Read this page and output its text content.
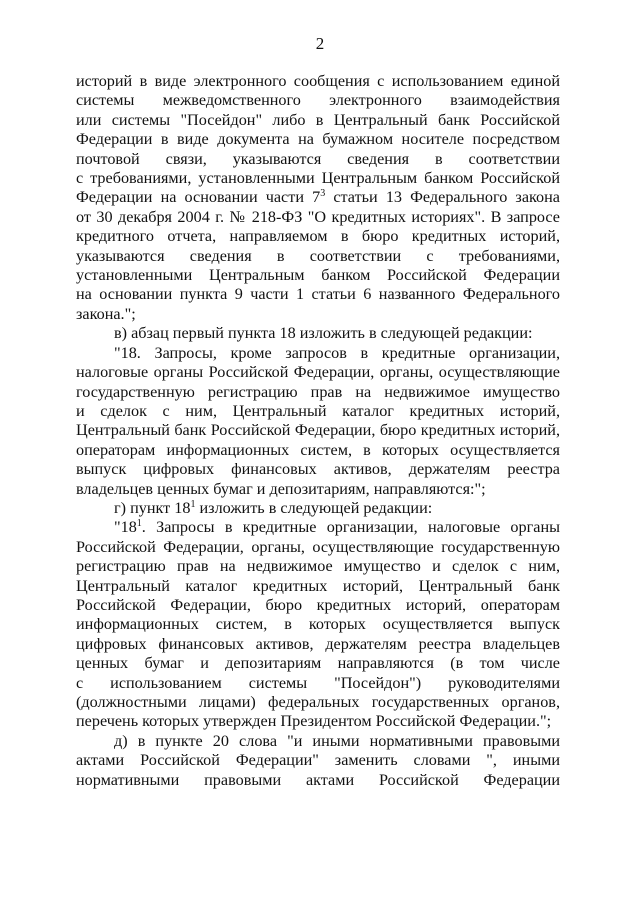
2

историй в виде электронного сообщения с использованием единой

системы межведомственного электронного взаимодействия

или системы "Посейдон" либо в Центральный банк Российской

Федерации в виде документа на бумажном носителе посредством

почтовой связи, указываются сведения в соответствии

с требованиями, установленными Центральным банком Российской

Федерации на основании части $7^3$ статьи 13 Федерального закона

от 30 декабря 2004 г. № 218-ФЗ "О кредитных историях". В запросе

кредитного отчета, направляемом в бюро кредитных историй,

указываются сведения в соответствии с требованиями,

установленными Центральным банком Российской Федерации

на основании пункта 9 части 1 статьи 6 названного Федерального

закона.";

в) абзац первый пункта 18 изложить в следующей редакции:

"18. Запросы, кроме запросов в кредитные организации,

налоговые органы Российской Федерации, органы, осуществляющие

государственную регистрацию прав на недвижимое имущество

и сделок с ним, Центральный каталог кредитных историй,

Центральный банк Российской Федерации, бюро кредитных историй,

операторам информационных систем, в которых осуществляется

выпуск цифровых финансовых активов, держателям реестра

владельцев ценных бумаг и депозитариям, направляются:";

г) пункт $18^1$ изложить в следующей редакции:

"$18^1$. Запросы в кредитные организации, налоговые органы

Российской Федерации, органы, осуществляющие государственную

регистрацию прав на недвижимое имущество и сделок с ним,

Центральный каталог кредитных историй, Центральный банк

Российской Федерации, бюро кредитных историй, операторам

информационных систем, в которых осуществляется выпуск

цифровых финансовых активов, держателям реестра владельцев

ценных бумаг и депозитариям направляются (в том числе

с использованием системы "Посейдон") руководителями

(должностными лицами) федеральных государственных органов,

перечень которых утвержден Президентом Российской Федерации.";

д) в пункте 20 слова "и иными нормативными правовыми

актами Российской Федерации" заменить словами ", иными

нормативными правовыми актами Российской Федерации
